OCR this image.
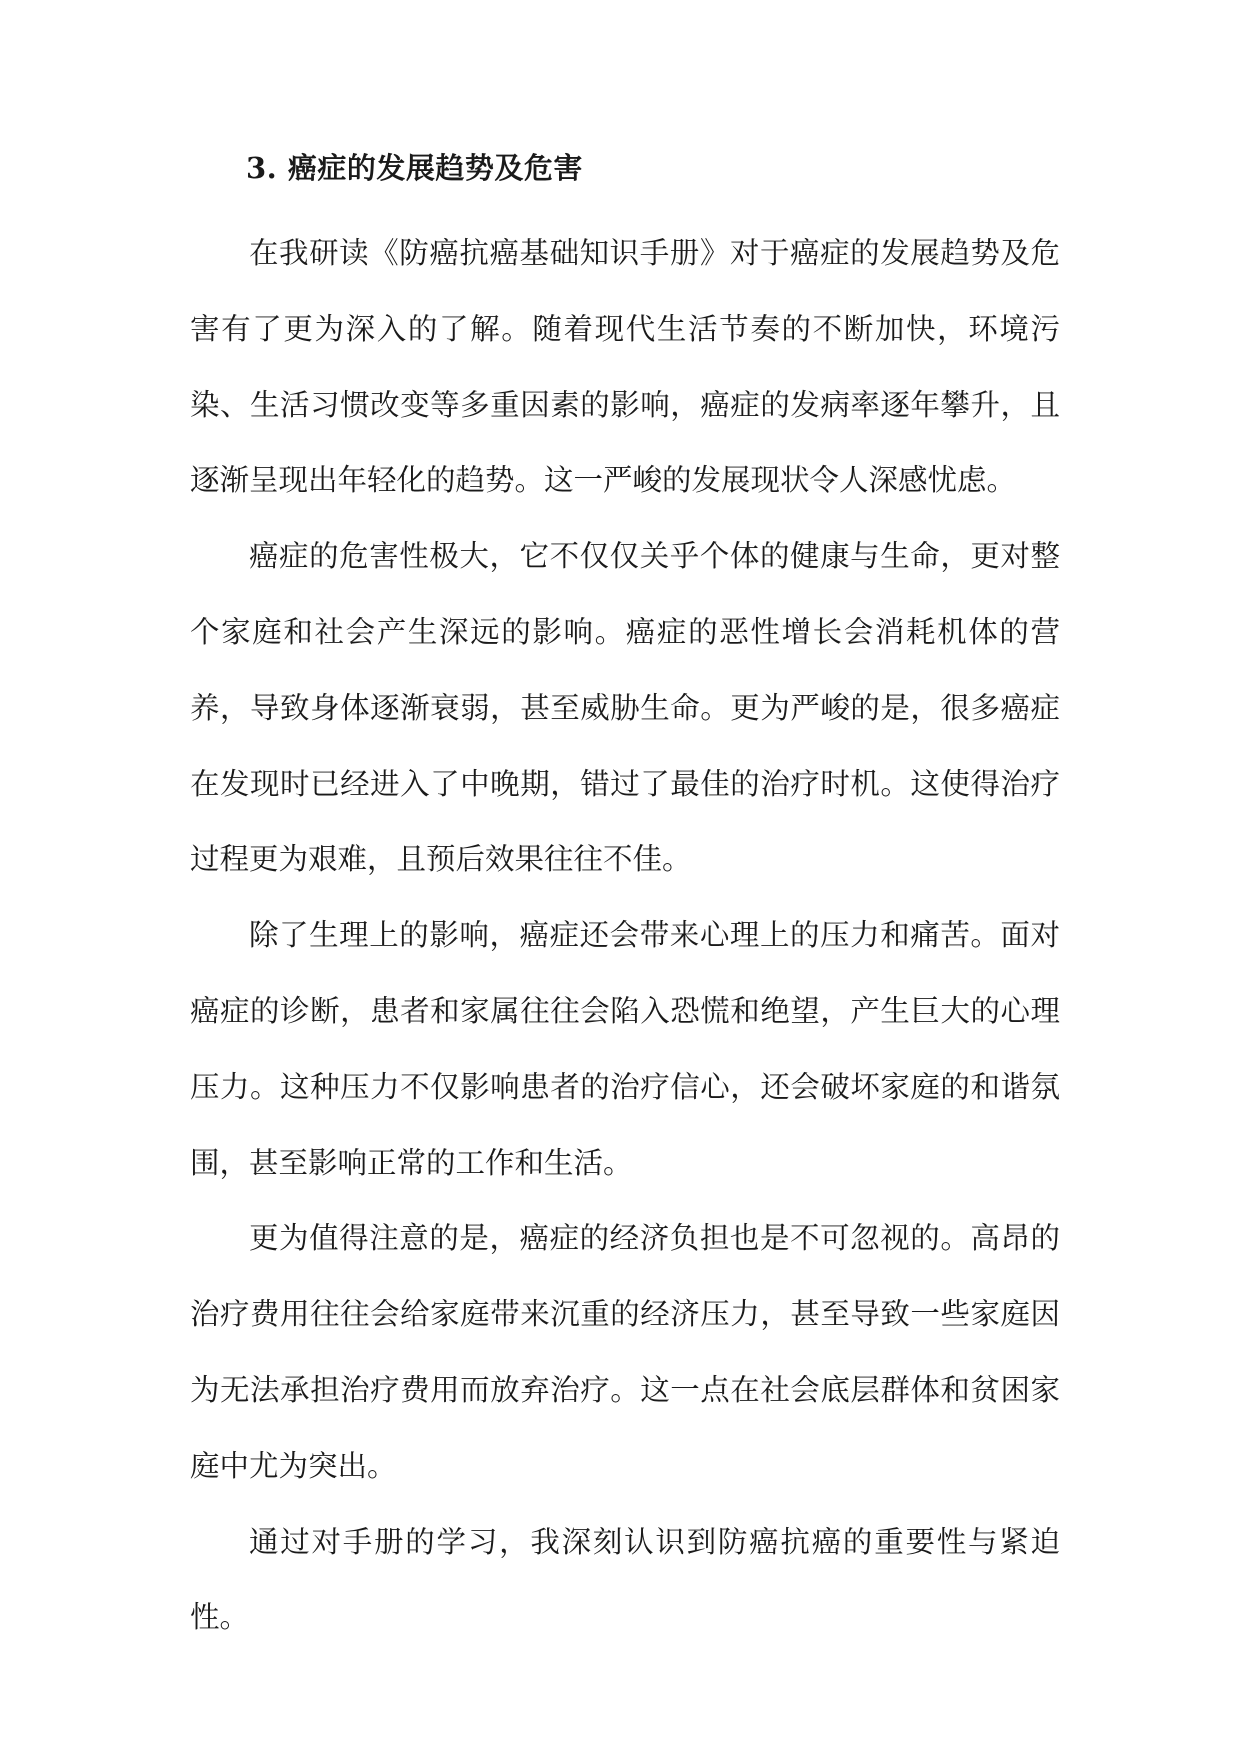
3. 癌症的发展趋势及危害

在我研读《防癌抗癌基础知识手册》对于癌症的发展趋势及危害有了更为深入的了解。随着现代生活节奏的不断加快，环境污染、生活习惯改变等多重因素的影响，癌症的发病率逐年攀升，且逐渐呈现出年轻化的趋势。这一严峻的发展现状令人深感忧虑。

癌症的危害性极大，它不仅仅关乎个体的健康与生命，更对整个家庭和社会产生深远的影响。癌症的恶性增长会消耗机体的营养，导致身体逐渐衰弱，甚至威胁生命。更为严峻的是，很多癌症在发现时已经进入了中晚期，错过了最佳的治疗时机。这使得治疗过程更为艰难，且预后效果往往不佳。

除了生理上的影响，癌症还会带来心理上的压力和痛苦。面对癌症的诊断，患者和家属往往会陷入恐慌和绝望，产生巨大的心理压力。这种压力不仅影响患者的治疗信心，还会破坏家庭的和谐氛围，甚至影响正常的工作和生活。

更为值得注意的是，癌症的经济负担也是不可忽视的。高昂的治疗费用往往会给家庭带来沉重的经济压力，甚至导致一些家庭因为无法承担治疗费用而放弃治疗。这一点在社会底层群体和贫困家庭中尤为突出。

通过对手册的学习，我深刻认识到防癌抗癌的重要性与紧迫性。
